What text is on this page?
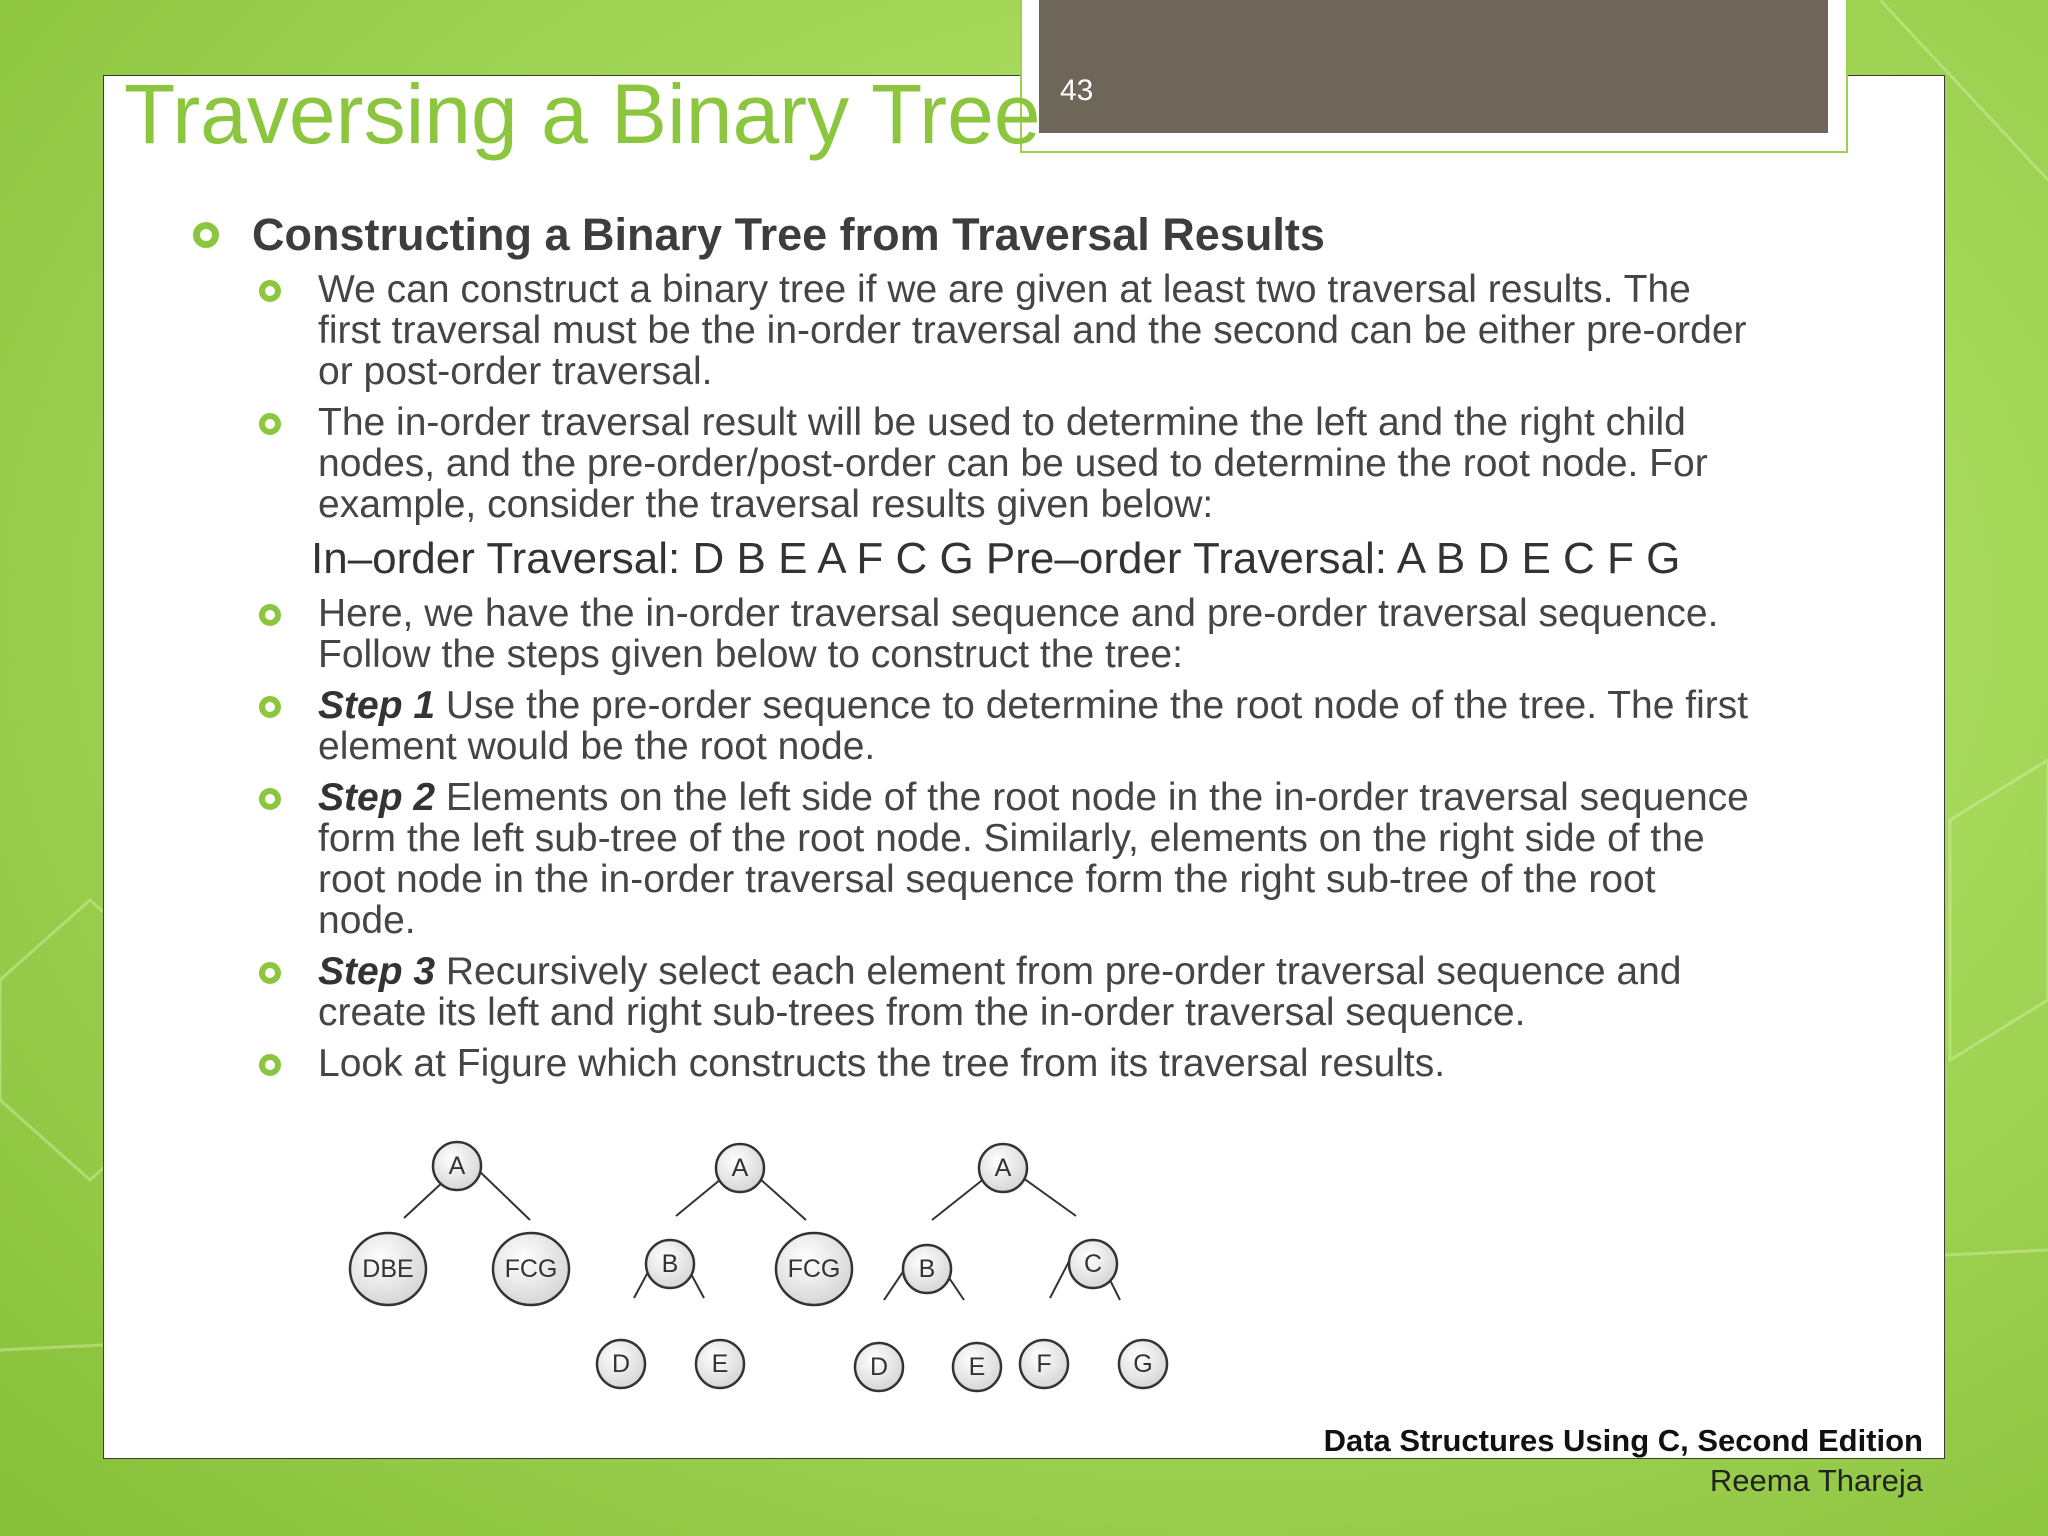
43
Traversing a Binary Tree
Constructing a Binary Tree from Traversal Results
We can construct a binary tree if we are given at least two traversal results. The
first traversal must be the in-order traversal and the second can be either pre-order
or post-order traversal.
The in-order traversal result will be used to determine the left and the right child
nodes, and the pre-order/post-order can be used to determine the root node. For
example, consider the traversal results given below:
In–order Traversal: D B E A F C G Pre–order Traversal: A B D E C F G
Here, we have the in-order traversal sequence and pre-order traversal sequence.
Follow the steps given below to construct the tree:
Step 1 Use the pre-order sequence to determine the root node of the tree. The first
element would be the root node.
Step 2 Elements on the left side of the root node in the in-order traversal sequence
form the left sub-tree of the root node. Similarly, elements on the right side of the
root node in the in-order traversal sequence form the right sub-tree of the root
node.
Step 3 Recursively select each element from pre-order traversal sequence and
create its left and right sub-trees from the in-order traversal sequence.
Look at Figure which constructs the tree from its traversal results.
A
DBE	FCG
A
B	FCG
D	E
A
B	C
D	E F	G
Data Structures Using C, Second Edition
Reema Thareja
